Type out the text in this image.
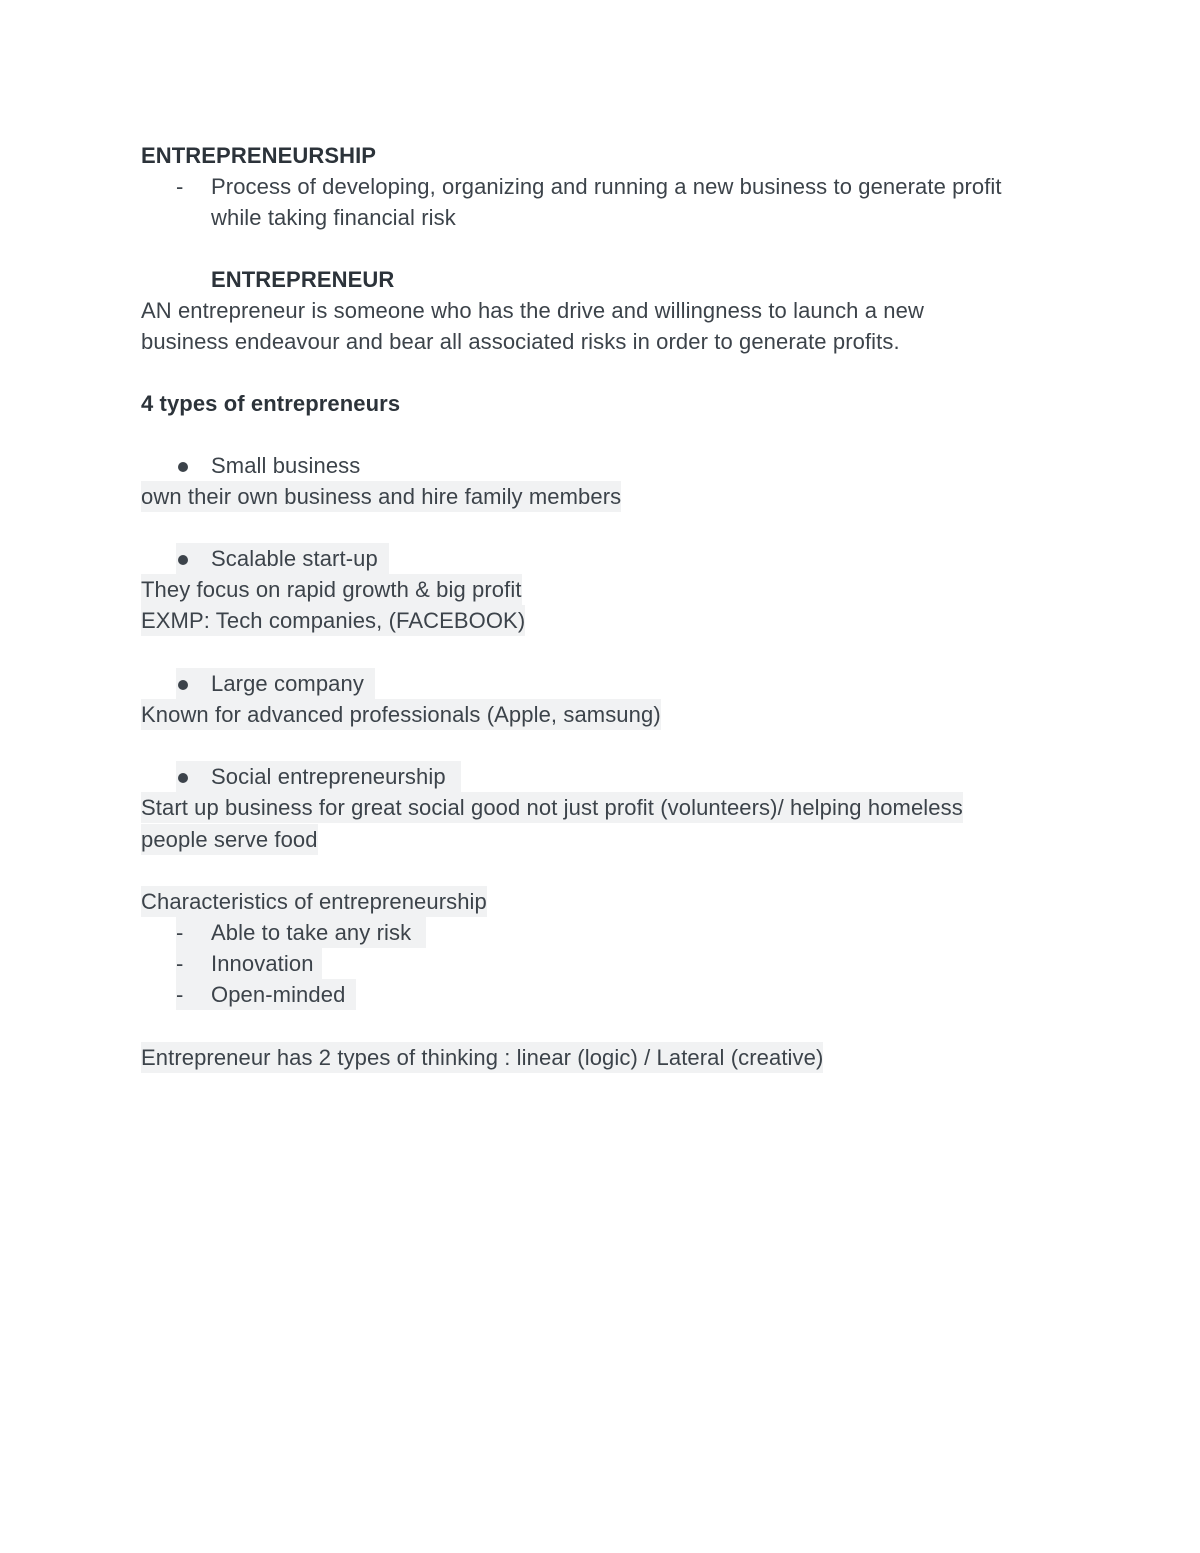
ENTREPRENEURSHIP
-	Process of developing, organizing and running a new business to generate profit
while taking financial risk
ENTREPRENEUR
AN entrepreneur is someone who has the drive and willingness to launch a new
business endeavour and bear all associated risks in order to generate profits.
4 types of entrepreneurs
Small business
own their own business and hire family members
Scalable start-up
They focus on rapid growth & big profit
EXMP: Tech companies, (FACEBOOK)
Large company
Known for advanced professionals (Apple, samsung)
Social entrepreneurship
Start up business for great social good not just profit (volunteers)/ helping homeless
people serve food
Characteristics of entrepreneurship
-	Able to take any risk
-	Innovation
-	Open-minded
Entrepreneur has 2 types of thinking : linear (logic) / Lateral (creative)
